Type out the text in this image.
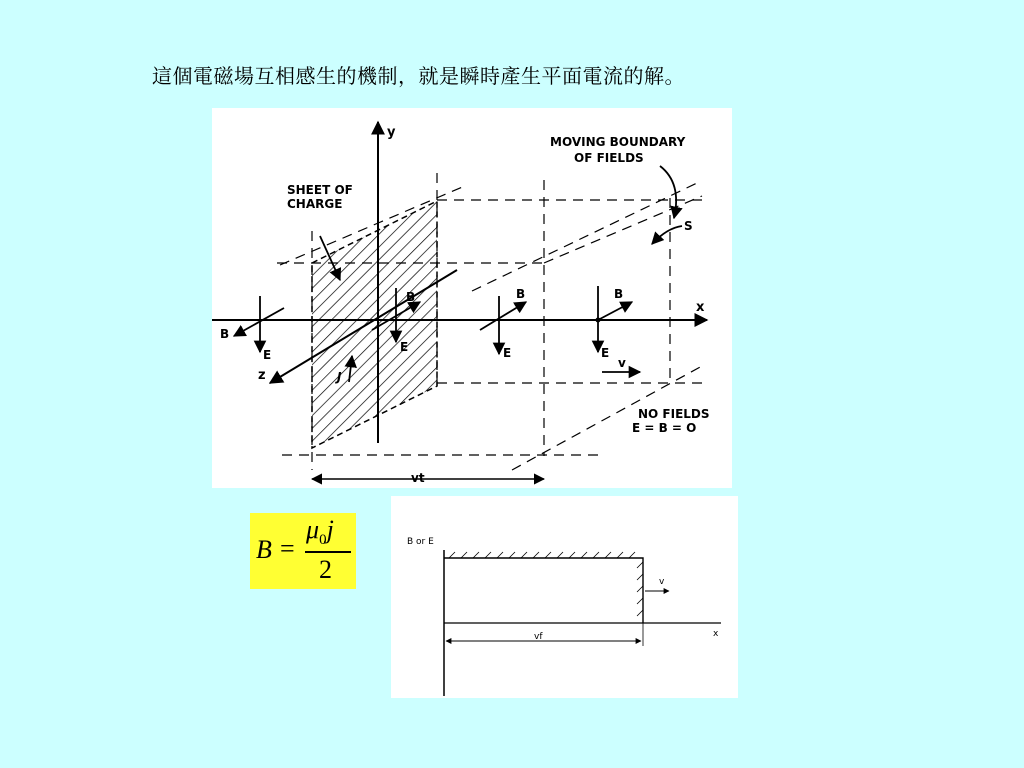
這個電磁場互相感生的機制，就是瞬時產生平面電流的解。
y
x
z
SHEET OF
CHARGE
MOVING BOUNDARY
OF FIELDS
S
B
B	B	B
E
E	E	E
J
v
NO FIELDS
E = B = O
vt
B =
$\mu_0j$
2
B or E
x
v
vf
